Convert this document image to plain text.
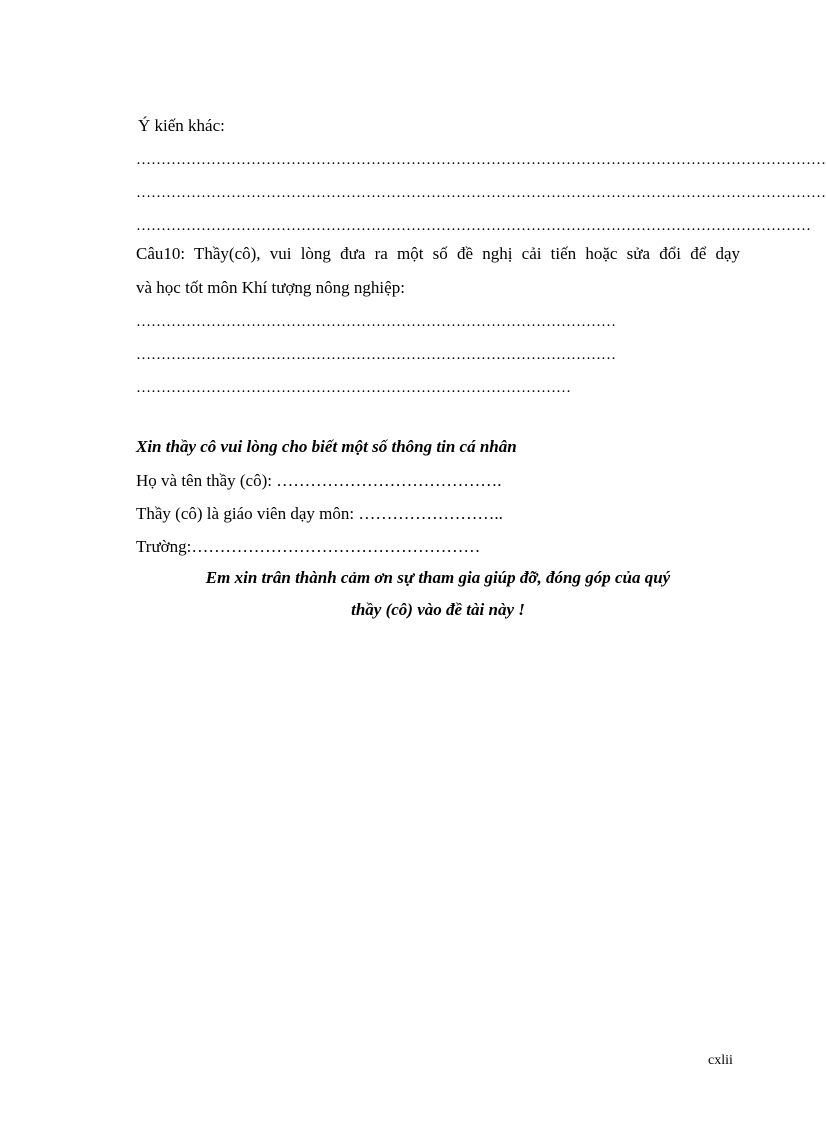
Ý kiến khác:

…………………………………………………………………………………………………………………………

…………………………………………………………………………………………………………………………

………………………………………………………………………………………………………………………

Câu10: Thầy(cô), vui lòng đưa ra một số đề nghị cải tiến hoặc sửa đổi để dạy

và học tốt môn Khí tượng nông nghiệp:

……………………………………………………………………………………

……………………………………………………………………………………

……………………………………………………………………………

Xin thầy cô vui lòng cho biết một số thông tin cá nhân

Họ và tên thầy (cô): ………………………………….

Thầy (cô) là giáo viên dạy môn: ……………………..

Trường:……………………………………………

Em xin trân thành cảm ơn sự tham gia giúp đỡ, đóng góp của quý

thầy (cô) vào đề tài này !

cxlii
